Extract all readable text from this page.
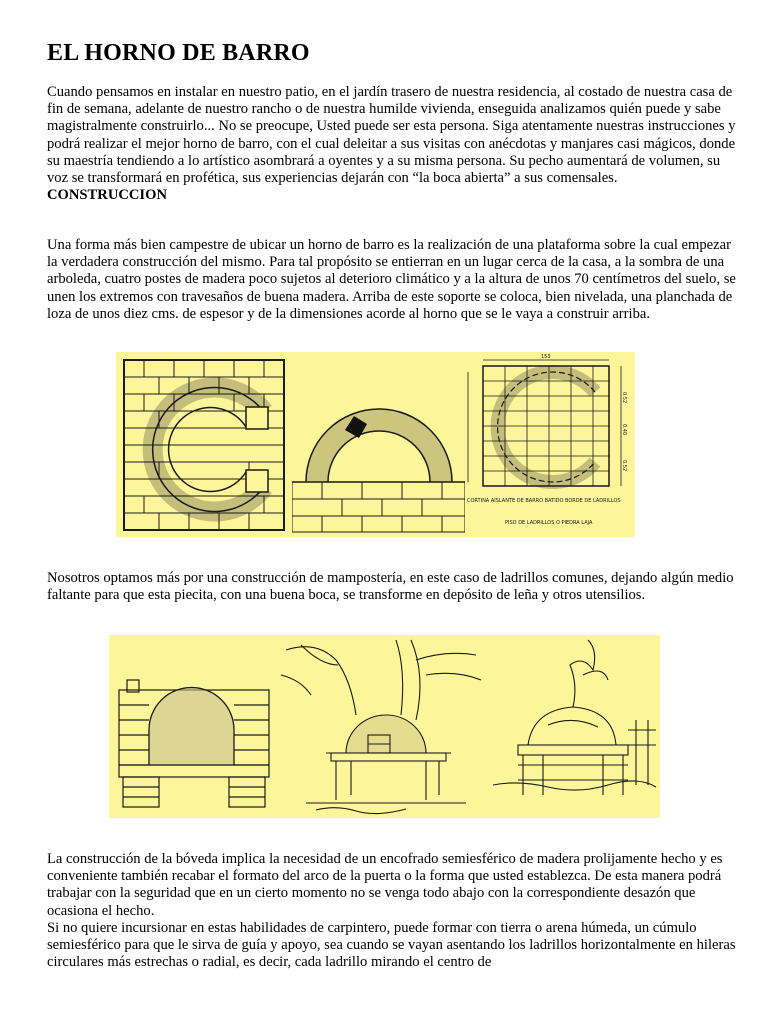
EL HORNO DE BARRO

Cuando pensamos en instalar en nuestro patio, en el jardín trasero de nuestra residencia, al costado de nuestra casa de fin de semana, adelante de nuestro rancho o de nuestra humilde vivienda, enseguida analizamos quién puede y sabe magistralmente construirlo... No se preocupe, Usted puede ser esta persona. Siga atentamente nuestras instrucciones y podrá realizar el mejor horno de barro, con el cual deleitar a sus visitas con anécdotas y manjares casi mágicos, donde su maestría tendiendo a lo artístico asombrará a oyentes y a su misma persona. Su pecho aumentará de volumen, su voz se transformará en profética, sus experiencias dejarán con “la boca abierta” a sus comensales.
CONSTRUCCION

Una forma más bien campestre de ubicar un horno de barro es la realización de una plataforma sobre la cual empezar la verdadera construcción del mismo. Para tal propósito se entierran en un lugar cerca de la casa, a la sombra de una arboleda, cuatro postes de madera poco sujetos al deterioro climático y a la altura de unos 70 centímetros del suelo, se unen los extremos con travesaños de buena madera. Arriba de este soporte se coloca, bien nivelada, una planchada de loza de unos diez cms. de espesor y de la dimensiones acorde al horno que se le vaya a construir arriba.

153
0.52
0.40
0.52
CORTINA AISLANTE DE BARRO BATIDO
PISO DE LADRILLOS O PIEDRA LAJA
BORDE DE LADRILLOS

Nosotros optamos más por una construcción de mampostería, en este caso de ladrillos comunes, dejando algún medio faltante para que esta piecita, con una buena boca, se transforme en depósito de leña y otros utensilios.

La construcción de la bóveda implica la necesidad de un encofrado semiesférico de madera prolijamente hecho y es conveniente también recabar el formato del arco de la puerta o la forma que usted establezca. De esta manera podrá trabajar con la seguridad que en un cierto momento no se venga todo abajo con la correspondiente desazón que ocasiona el hecho.
Si no quiere incursionar en estas habilidades de carpintero, puede formar con tierra o arena húmeda, un cúmulo semiesférico para que le sirva de guía y apoyo, sea cuando se vayan asentando los ladrillos horizontalmente en hileras circulares más estrechas o radial, es decir, cada ladrillo mirando el centro de
